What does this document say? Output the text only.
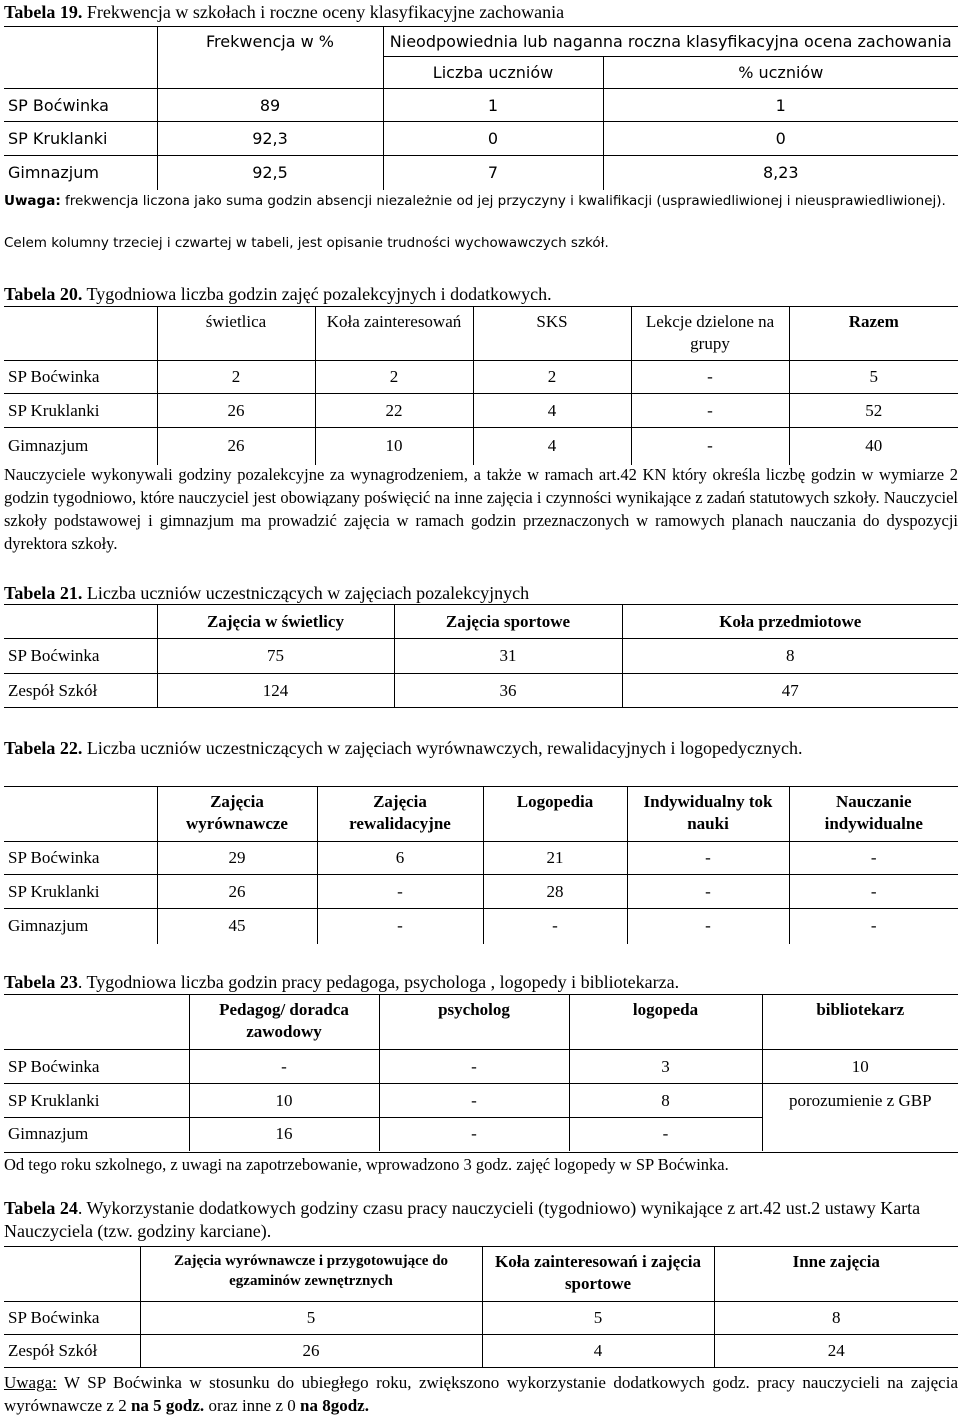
Tabela 19. Frekwencja w szkołach i roczne oceny klasyfikacyjne zachowania

	Frekwencja w %	Nieodpowiednia lub naganna roczna klasyfikacyjna ocena zachowania	
		Liczba uczniów	% uczniów
SP Boćwinka	89	1	1
SP Kruklanki	92,3	0	0
Gimnazjum	92,5	7	8,23

Uwaga: frekwencja liczona jako suma godzin absencji niezależnie od jej przyczyny i kwalifikacji (usprawiedliwionej i nieusprawiedliwionej).

Celem kolumny trzeciej i czwartej w tabeli, jest opisanie trudności wychowawczych szkół.

Tabela 20. Tygodniowa liczba godzin zajęć pozalekcyjnych i dodatkowych.

	świetlica	Koła zainteresowań	SKS	Lekcje dzielone na grupy	Razem
SP Boćwinka	2	2	2	-	5
SP Kruklanki	26	22	4	-	52
Gimnazjum	26	10	4	-	40

Nauczyciele wykonywali godziny pozalekcyjne za wynagrodzeniem, a także w ramach art.42 KN który określa liczbę godzin w wymiarze 2 godzin tygodniowo, które nauczyciel jest obowiązany poświęcić na inne zajęcia i czynności wynikające z zadań statutowych szkoły. Nauczyciel szkoły podstawowej i gimnazjum ma prowadzić zajęcia w ramach godzin przeznaczonych w ramowych planach nauczania do dyspozycji dyrektora szkoły.

Tabela 21. Liczba uczniów uczestniczących w zajęciach pozalekcyjnych

	Zajęcia w świetlicy	Zajęcia sportowe	Koła przedmiotowe
SP Boćwinka	75	31	8
Zespół Szkół	124	36	47

Tabela 22. Liczba uczniów uczestniczących w zajęciach wyrównawczych, rewalidacyjnych i logopedycznych.

	Zajęcia wyrównawcze	Zajęcia rewalidacyjne	Logopedia	Indywidualny tok nauki	Nauczanie indywidualne
SP Boćwinka	29	6	21	-	-
SP Kruklanki	26	-	28	-	-
Gimnazjum	45	-	-	-	-

Tabela 23. Tygodniowa liczba godzin pracy pedagoga, psychologa , logopedy i bibliotekarza.

	Pedagog/ doradca zawodowy	psycholog	logopeda	bibliotekarz
SP Boćwinka	-	-	3	10
SP Kruklanki	10	-	8	porozumienie z GBP
Gimnazjum	16	-	-	

Od tego roku szkolnego, z uwagi na zapotrzebowanie, wprowadzono 3 godz. zajęć logopedy w SP Boćwinka.

Tabela 24. Wykorzystanie dodatkowych godziny czasu pracy nauczycieli (tygodniowo) wynikające z art.42 ust.2 ustawy Karta Nauczyciela (tzw. godziny karciane).

	Zajęcia wyrównawcze i przygotowujące do egzaminów zewnętrznych	Koła zainteresowań i zajęcia sportowe	Inne zajęcia
SP Boćwinka	5	5	8
Zespół Szkół	26	4	24

Uwaga: W SP Boćwinka w stosunku do ubiegłego roku, zwiększono wykorzystanie dodatkowych godz. pracy nauczycieli na zajęcia wyrównawcze z 2 na 5 godz. oraz inne z 0 na 8godz.
